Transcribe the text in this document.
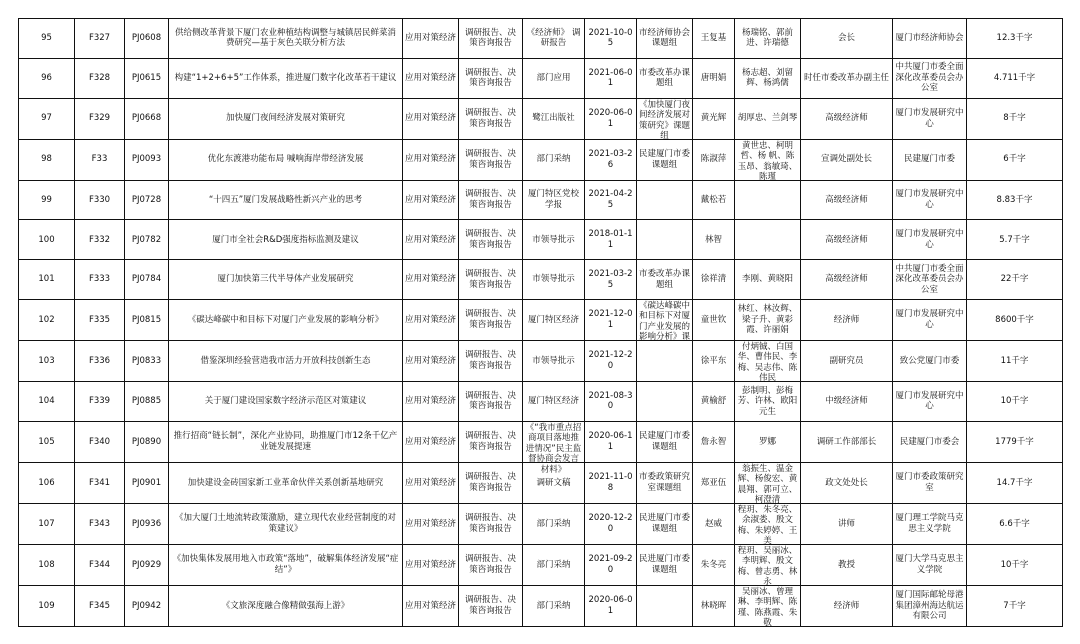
95	F327	PJ0608	供给侧改革背景下厦门农业种植结构调整与城镇居民鲜菜消费研究—基于灰色关联分析方法	应用对策经济	调研报告、决策咨询报告	《经济师》 调研报告	2021-10-05	市经济师协会课题组	王复基	杨瑞铭、郭前进、许瑞德	会长	厦门市经济师协会	12.3千字

96	F328	PJ0615	构建“1+2+6+5”工作体系，推进厦门数字化改革若干建议	应用对策经济	调研报告、决策咨询报告	部门应用	2021-06-01	市委改革办课题组	唐明娟	杨志超、刘留辉、杨鸿儒	时任市委改革办副主任	中共厦门市委全面深化改革委员会办公室	4.711千字

97	F329	PJ0668	加快厦门夜间经济发展对策研究	应用对策经济	调研报告、决策咨询报告	鹭江出版社	2020-06-01	《加快厦门夜间经济发展对策研究》课题组	黄光辉	胡厚忠、兰剑琴	高级经济师	厦门市发展研究中心	8千字

98	F33	PJ0093	优化东渡港功能布局 喊响海岸带经济发展	应用对策经济	调研报告、决策咨询报告	部门采纳	2021-03-26	民建厦门市委课题组	陈淑萍	黄世忠、柯明哲、杨 帆、陈玉昂、翁敏琦、陈瑾	宣调处副处长	民建厦门市委	6千字

99	F330	PJ0728	“十四五”厦门发展战略性新兴产业的思考	应用对策经济	调研报告、决策咨询报告	厦门特区党校学报	2021-04-25		戴松若		高级经济师	厦门市发展研究中心	8.83千字

100	F332	PJ0782	厦门市全社会R&D强度指标监测及建议	应用对策经济	调研报告、决策咨询报告	市领导批示	2018-01-11		林智		高级经济师	厦门市发展研究中心	5.7千字

101	F333	PJ0784	厦门加快第三代半导体产业发展研究	应用对策经济	调研报告、决策咨询报告	市领导批示	2021-03-25	市委改革办课题组	徐祥清	李刚、黄晓阳	高级经济师	中共厦门市委全面深化改革委员会办公室	22千字

102	F335	PJ0815	《碳达峰碳中和目标下对厦门产业发展的影响分析》	应用对策经济	调研报告、决策咨询报告	厦门特区经济	2021-12-01	《碳达峰碳中和目标下对厦门产业发展的影响分析》课	童世钦	林红、林汝辉、梁子升、黄彩霞、许丽娟	经济师	厦门市发展研究中心	8600千字

103	F336	PJ0833	借鉴深圳经验营造我市活力开放科技创新生态	应用对策经济	调研报告、决策咨询报告	市领导批示	2021-12-20		徐平东	付炳铖、白国华、曹伟民、李梅、吴志伟、陈伟民	副研究员	致公党厦门市委	11千字

104	F339	PJ0885	关于厦门建设国家数字经济示范区对策建议	应用对策经济	调研报告、决策咨询报告	厦门特区经济	2021-08-30		黄榆舒	彭制明、彭梅芳、许林、欧阳元生	中级经济师	厦门市发展研究中心	10千字

105	F340	PJ0890	推行招商“链长制”，深化产业协同，助推厦门市12条千亿产业链发展提速	应用对策经济	调研报告、决策咨询报告	《“我市重点招商项目落地推进情况”民主监督协商会发言材料》	2020-06-11	民建厦门市委课题组	詹永智	罗娜	调研工作部部长	民建厦门市委会	1779千字

106	F341	PJ0901	加快建设金砖国家新工业革命伙伴关系创新基地研究	应用对策经济	调研报告、决策咨询报告	调研文稿	2021-11-08	市委政策研究室课题组	郑亚伍	翁振生、温金辉、杨俊宏、黄晨翔、郭可立、柯澄清	政文处处长	厦门市委政策研究室	14.7千字

107	F343	PJ0936	《加大厦门土地流转政策激励，建立现代农业经营制度的对策建议》	应用对策经济	调研报告、决策咨询报告	部门采纳	2020-12-20	民进厦门市委课题组	赵威	程玥、朱冬亮、余淑娄、殷文梅、朱婷婷、王美	讲师	厦门理工学院马克思主义学院	6.6千字

108	F344	PJ0929	《加快集体发展用地入市政策“落地”，破解集体经济发展“症结”》	应用对策经济	调研报告、决策咨询报告	部门采纳	2021-09-20	民进厦门市委课题组	朱冬亮	程玥、吴丽冰、李明辉、殷文梅、曾志勇、林永	教授	厦门大学马克思主义学院	10千字

109	F345	PJ0942	《文旅深度融合像精做强海上游》	应用对策经济	调研报告、决策咨询报告	部门采纳	2020-06-01		林晓晖	吴丽冰、曾理琳、李明辉、陈瑾、陈燕霞、朱敬	经济师	厦门国际邮轮母港集团漳州海达航运有限公司	7千字
